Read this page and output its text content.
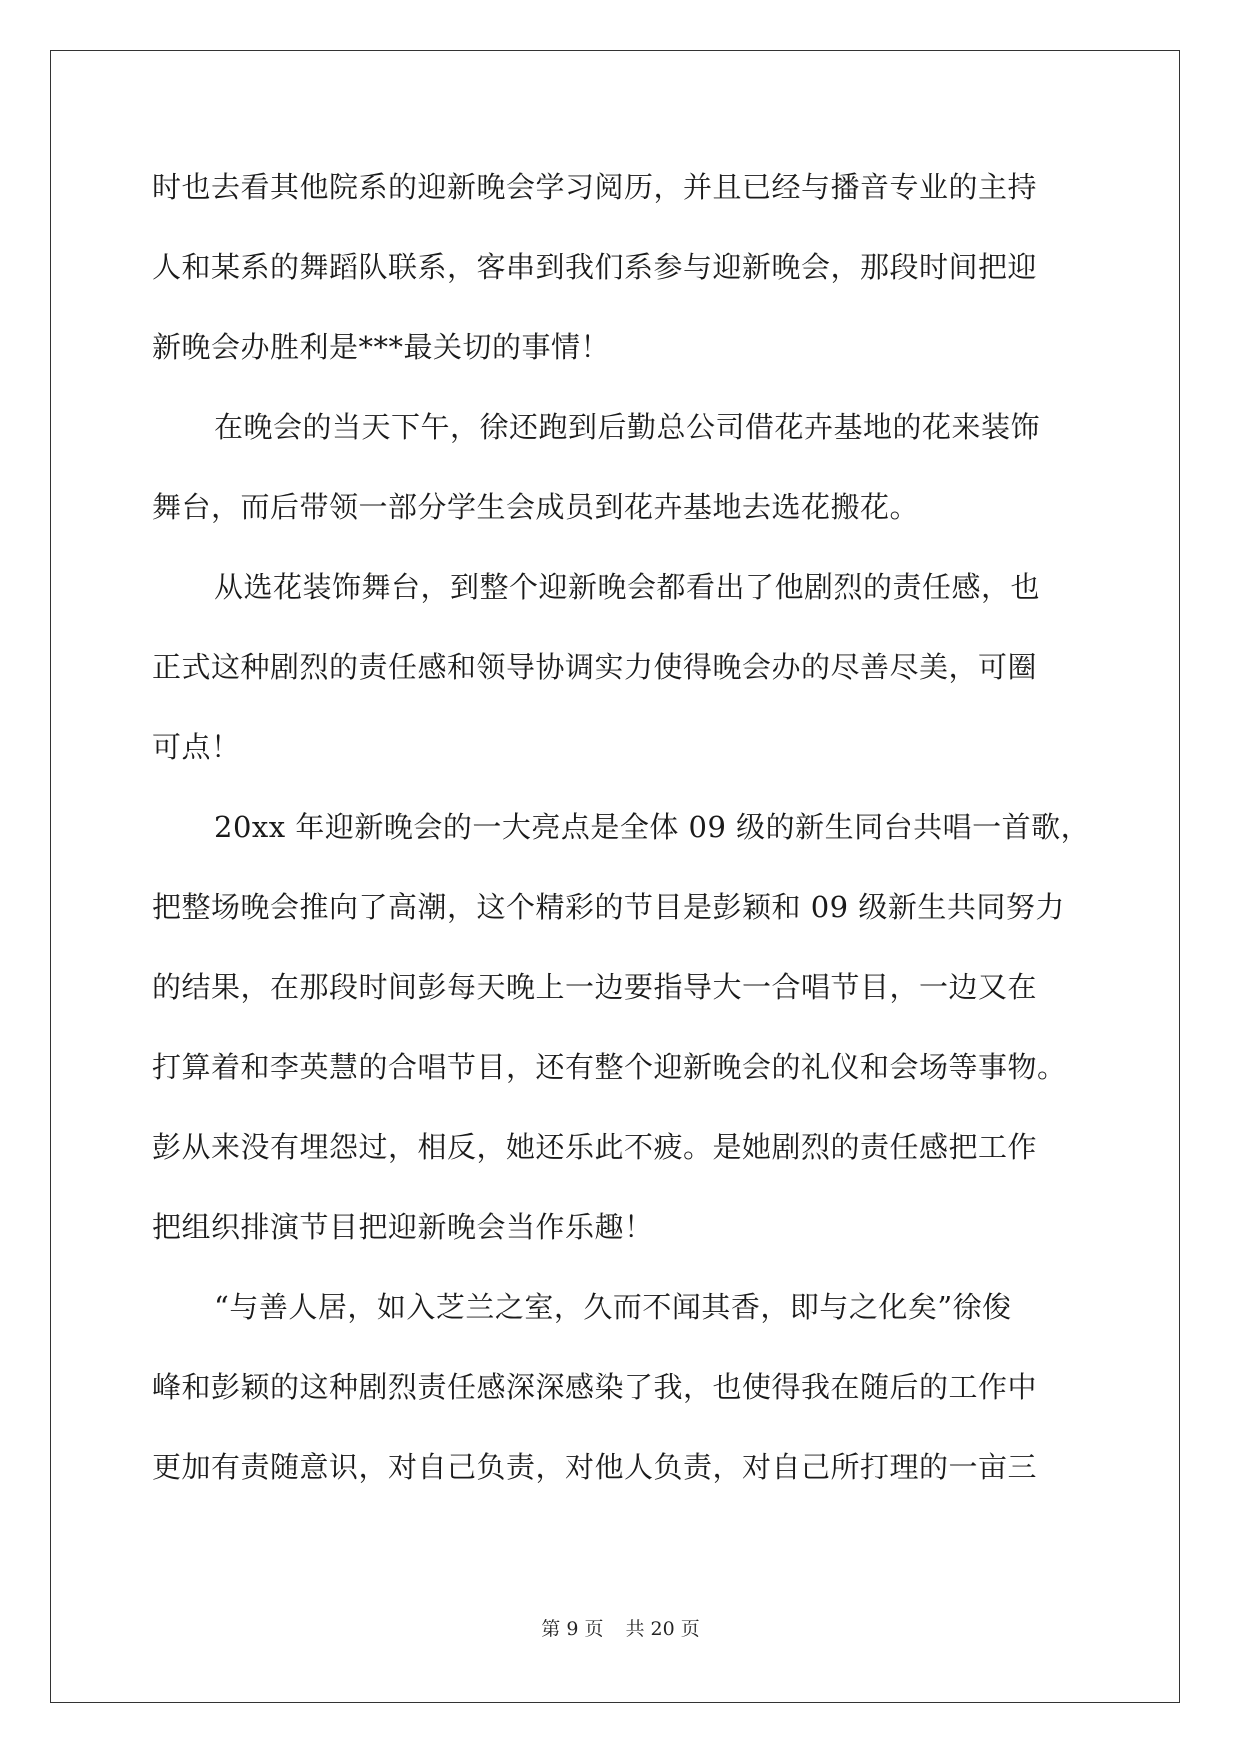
时也去看其他院系的迎新晚会学习阅历，并且已经与播音专业的主持
人和某系的舞蹈队联系，客串到我们系参与迎新晚会，那段时间把迎
新晚会办胜利是***最关切的事情！
在晚会的当天下午，徐还跑到后勤总公司借花卉基地的花来装饰
舞台，而后带领一部分学生会成员到花卉基地去选花搬花。
从选花装饰舞台，到整个迎新晚会都看出了他剧烈的责任感，也
正式这种剧烈的责任感和领导协调实力使得晚会办的尽善尽美，可圈
可点！
20xx 年迎新晚会的一大亮点是全体 09 级的新生同台共唱一首歌，
把整场晚会推向了高潮，这个精彩的节目是彭颖和 09 级新生共同努力
的结果，在那段时间彭每天晚上一边要指导大一合唱节目，一边又在
打算着和李英慧的合唱节目，还有整个迎新晚会的礼仪和会场等事物。
彭从来没有埋怨过，相反，她还乐此不疲。是她剧烈的责任感把工作
把组织排演节目把迎新晚会当作乐趣！
“与善人居，如入芝兰之室，久而不闻其香，即与之化矣”徐俊
峰和彭颖的这种剧烈责任感深深感染了我，也使得我在随后的工作中
更加有责随意识，对自己负责，对他人负责，对自己所打理的一亩三
第 9 页 共 20 页
